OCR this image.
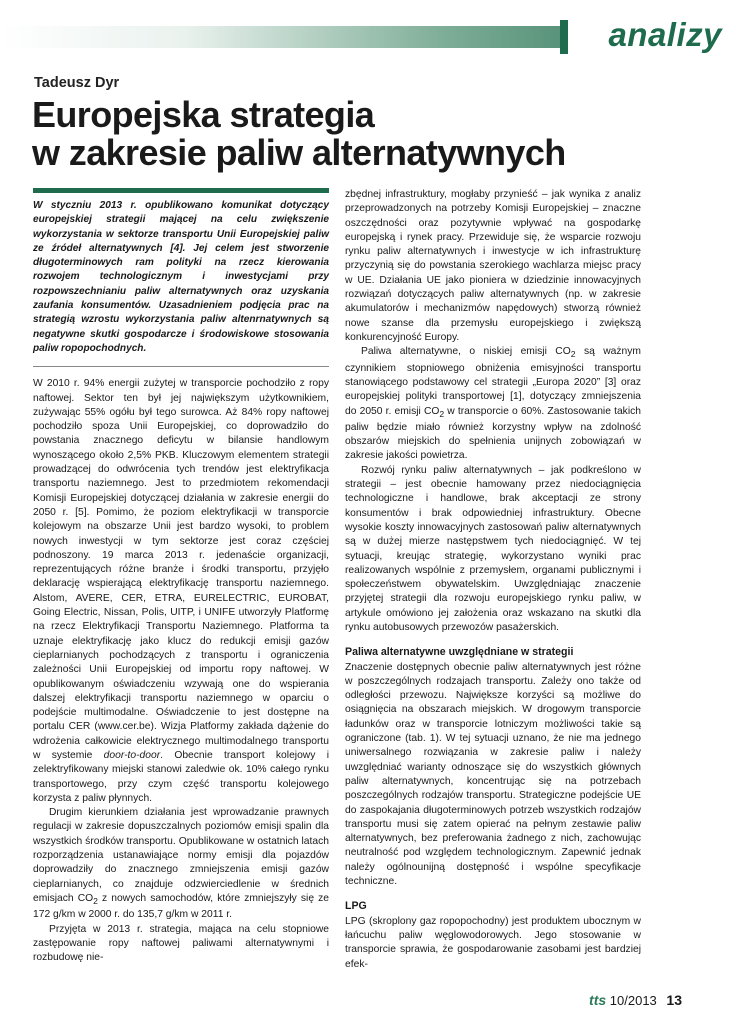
analizy
Tadeusz Dyr
Europejska strategia
w zakresie paliw alternatywnych
W styczniu 2013 r. opublikowano komunikat dotyczący europejskiej strategii mającej na celu zwiększenie wykorzystania w sektorze transportu Unii Europejskiej paliw ze źródeł alternatywnych [4]. Jej celem jest stworzenie długoterminowych ram polityki na rzecz kierowania rozwojem technologicznym i inwestycjami przy rozpowszechnianiu paliw alternatywnych oraz uzyskania zaufania konsumentów. Uzasadnieniem podjęcia prac na strategią wzrostu wykorzystania paliw altenrnatywnych są negatywne skutki gospodarcze i środowiskowe stosowania paliw ropopochodnych.

W 2010 r. 94% energii zużytej w transporcie pochodziło z ropy naftowej. Sektor ten był jej największym użytkownikiem, zużywając 55% ogółu był tego surowca. Aż 84% ropy naftowej pochodziło spoza Unii Europejskiej, co doprowadziło do powstania znacznego deficytu w bilansie handlowym wynoszącego około 2,5% PKB. Kluczowym elementem strategii prowadzącej do odwrócenia tych trendów jest elektryfikacja transportu naziemnego. Jest to przedmiotem rekomendacji Komisji Europejskiej dotyczącej działania w zakresie energii do 2050 r. [5]. Pomimo, że poziom elektryfikacji w transporcie kolejowym na obszarze Unii jest bardzo wysoki, to problem nowych inwestycji w tym sektorze jest coraz częściej podnoszony. 19 marca 2013 r. jedenaście organizacji, reprezentujących różne branże i środki transportu, przyjęło deklarację wspierającą elektryfikację transportu naziemnego. Alstom, AVERE, CER, ETRA, EURELECTRIC, EUROBAT, Going Electric, Nissan, Polis, UITP, i UNIFE utworzyły Platformę na rzecz Elektryfikacji Transportu Naziemnego. Platforma ta uznaje elektryfikację jako klucz do redukcji emisji gazów cieplarnianych pochodzących z transportu i ograniczenia zależności Unii Europejskiej od importu ropy naftowej. W opublikowanym oświadczeniu wzywają one do wspierania dalszej elektryfikacji transportu naziemnego w oparciu o podejście multimodalne. Oświadczenie to jest dostępne na portalu CER (www.cer.be). Wizja Platformy zakłada dążenie do wdrożenia całkowicie elektrycznego multimodalnego transportu w systemie door-to-door. Obecnie transport kolejowy i zelektryfikowany miejski stanowi zaledwie ok. 10% całego rynku transportowego, przy czym część transportu kolejowego korzysta z paliw płynnych.

Drugim kierunkiem działania jest wprowadzanie prawnych regulacji w zakresie dopuszczalnych poziomów emisji spalin dla wszystkich środków transportu. Opublikowane w ostatnich latach rozporządzenia ustanawiające normy emisji dla pojazdów doprowadziły do znacznego zmniejszenia emisji gazów cieplarnianych, co znajduje odzwierciedlenie w średnich emisjach $CO_2$ z nowych samochodów, które zmniejszyły się ze 172 g/km w 2000 r. do 135,7 g/km w 2011 r.

Przyjęta w 2013 r. strategia, mająca na celu stopniowe zastępowanie ropy naftowej paliwami alternatywnymi i rozbudowę nie-

zbędnej infrastruktury, mogłaby przynieść – jak wynika z analiz przeprowadzonych na potrzeby Komisji Europejskiej – znaczne oszczędności oraz pozytywnie wpływać na gospodarkę europejską i rynek pracy. Przewiduje się, że wsparcie rozwoju rynku paliw alternatywnych i inwestycje w ich infrastrukturę przyczynią się do powstania szerokiego wachlarza miejsc pracy w UE. Działania UE jako pioniera w dziedzinie innowacyjnych rozwiązań dotyczących paliw alternatywnych (np. w zakresie akumulatorów i mechanizmów napędowych) stworzą również nowe szanse dla przemysłu europejskiego i zwiększą konkurencyjność Europy.

Paliwa alternatywne, o niskiej emisji $CO_2$ są ważnym czynnikiem stopniowego obniżenia emisyjności transportu stanowiącego podstawowy cel strategii „Europa 2020” [3] oraz europejskiej polityki transportowej [1], dotyczący zmniejszenia do 2050 r. emisji $CO_2$ w transporcie o 60%. Zastosowanie takich paliw będzie miało również korzystny wpływ na zdolność obszarów miejskich do spełnienia unijnych zobowiązań w zakresie jakości powietrza.

Rozwój rynku paliw alternatywnych – jak podkreślono w strategii – jest obecnie hamowany przez niedociągnięcia technologiczne i handlowe, brak akceptacji ze strony konsumentów i brak odpowiedniej infrastruktury. Obecne wysokie koszty innowacyjnych zastosowań paliw alternatywnych są w dużej mierze następstwem tych niedociągnięć. W tej sytuacji, kreując strategię, wykorzystano wyniki prac realizowanych wspólnie z przemysłem, organami publicznymi i społeczeństwem obywatelskim. Uwzględniając znaczenie przyjętej strategii dla rozwoju europejskiego rynku paliw, w artykule omówiono jej założenia oraz wskazano na skutki dla rynku autobusowych przewozów pasażerskich.

Paliwa alternatywne uwzględniane w strategii

Znaczenie dostępnych obecnie paliw alternatywnych jest różne w poszczególnych rodzajach transportu. Zależy ono także od odległości przewozu. Największe korzyści są możliwe do osiągnięcia na obszarach miejskich. W drogowym transporcie ładunków oraz w transporcie lotniczym możliwości takie są ograniczone (tab. 1). W tej sytuacji uznano, że nie ma jednego uniwersalnego rozwiązania w zakresie paliw i należy uwzględniać warianty odnoszące się do wszystkich głównych paliw alternatywnych, koncentrując się na potrzebach poszczególnych rodzajów transportu. Strategiczne podejście UE do zaspokajania długoterminowych potrzeb wszystkich rodzajów transportu musi się zatem opierać na pełnym zestawie paliw alternatywnych, bez preferowania żadnego z nich, zachowując neutralność pod względem technologicznym. Zapewnić jednak należy ogólnounijną dostępność i wspólne specyfikacje techniczne.

LPG

LPG (skroplony gaz ropopochodny) jest produktem ubocznym w łańcuchu paliw węglowodorowych. Jego stosowanie w transporcie sprawia, że gospodarowanie zasobami jest bardziej efek-

tts 10/2013 13
